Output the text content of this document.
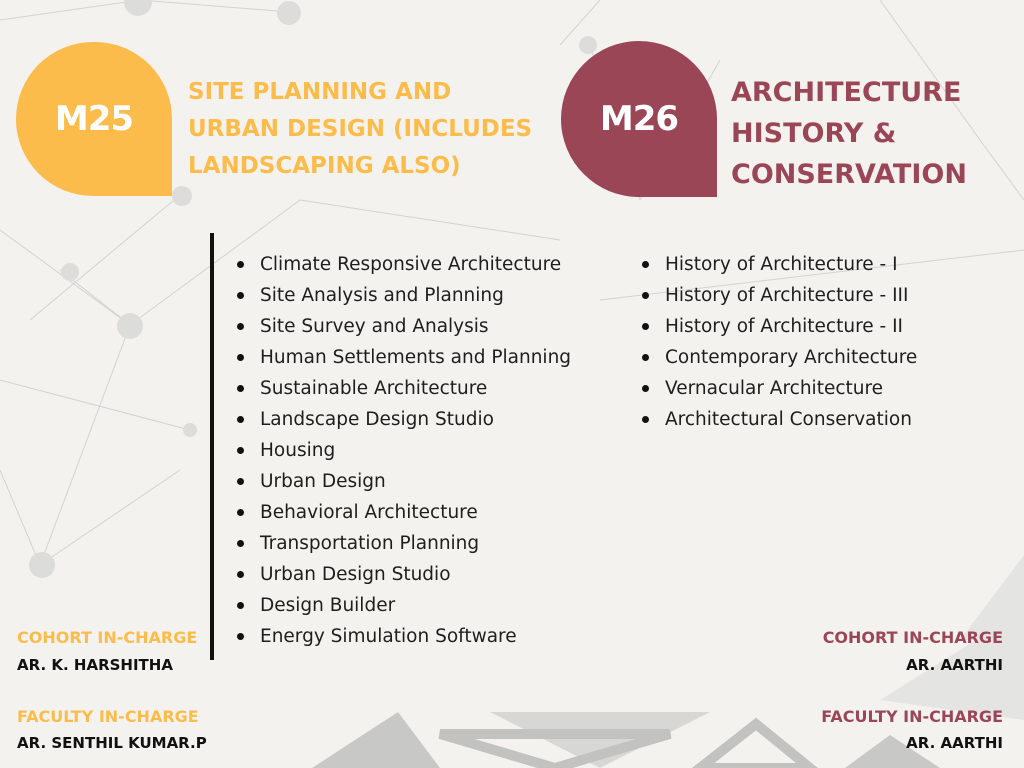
M25
SITE PLANNING AND URBAN DESIGN (INCLUDES LANDSCAPING ALSO)
M26
ARCHITECTURE HISTORY & CONSERVATION
Climate Responsive Architecture
Site Analysis and Planning
Site Survey and Analysis
Human Settlements and Planning
Sustainable Architecture
Landscape Design Studio
Housing
Urban Design
Behavioral Architecture
Transportation Planning
Urban Design Studio
Design Builder
Energy Simulation Software
History of Architecture - I
History of Architecture - III
History of Architecture - II
Contemporary Architecture
Vernacular Architecture
Architectural Conservation
COHORT IN-CHARGE
AR. K. HARSHITHA
FACULTY IN-CHARGE
AR. SENTHIL KUMAR.P
COHORT IN-CHARGE
AR. AARTHI
FACULTY IN-CHARGE
AR. AARTHI
